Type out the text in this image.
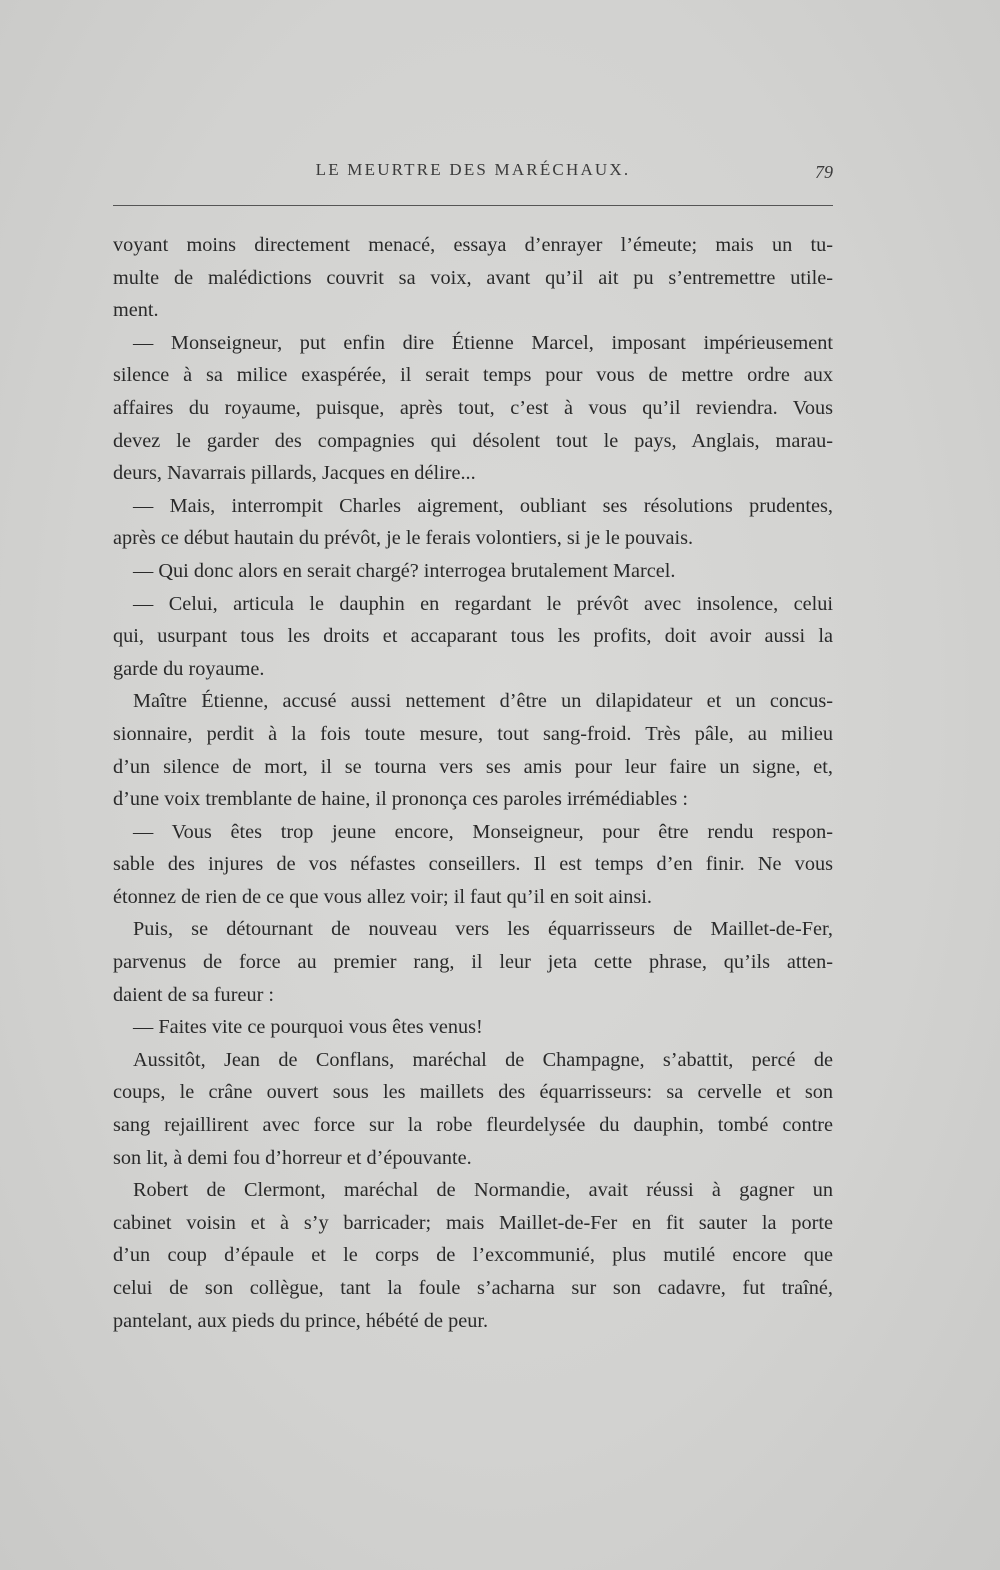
LE MEURTRE DES MARÉCHAUX.	79
voyant moins directement menacé, essaya d’enrayer l’émeute; mais un tu-
multe de malédictions couvrit sa voix, avant qu’il ait pu s’entremettre utile-
ment.
— Monseigneur, put enfin dire Étienne Marcel, imposant impérieusement
silence à sa milice exaspérée, il serait temps pour vous de mettre ordre aux
affaires du royaume, puisque, après tout, c’est à vous qu’il reviendra. Vous
devez le garder des compagnies qui désolent tout le pays, Anglais, marau-
deurs, Navarrais pillards, Jacques en délire...
— Mais, interrompit Charles aigrement, oubliant ses résolutions prudentes,
après ce début hautain du prévôt, je le ferais volontiers, si je le pouvais.
— Qui donc alors en serait chargé? interrogea brutalement Marcel.
— Celui, articula le dauphin en regardant le prévôt avec insolence, celui
qui, usurpant tous les droits et accaparant tous les profits, doit avoir aussi la
garde du royaume.
Maître Étienne, accusé aussi nettement d’être un dilapidateur et un concus-
sionnaire, perdit à la fois toute mesure, tout sang-froid. Très pâle, au milieu
d’un silence de mort, il se tourna vers ses amis pour leur faire un signe, et,
d’une voix tremblante de haine, il prononça ces paroles irrémédiables :
— Vous êtes trop jeune encore, Monseigneur, pour être rendu respon-
sable des injures de vos néfastes conseillers. Il est temps d’en finir. Ne vous
étonnez de rien de ce que vous allez voir; il faut qu’il en soit ainsi.
Puis, se détournant de nouveau vers les équarrisseurs de Maillet-de-Fer,
parvenus de force au premier rang, il leur jeta cette phrase, qu’ils atten-
daient de sa fureur :
— Faites vite ce pourquoi vous êtes venus!
Aussitôt, Jean de Conflans, maréchal de Champagne, s’abattit, percé de
coups, le crâne ouvert sous les maillets des équarrisseurs: sa cervelle et son
sang rejaillirent avec force sur la robe fleurdelysée du dauphin, tombé contre
son lit, à demi fou d’horreur et d’épouvante.
Robert de Clermont, maréchal de Normandie, avait réussi à gagner un
cabinet voisin et à s’y barricader; mais Maillet-de-Fer en fit sauter la porte
d’un coup d’épaule et le corps de l’excommunié, plus mutilé encore que
celui de son collègue, tant la foule s’acharna sur son cadavre, fut traîné,
pantelant, aux pieds du prince, hébété de peur.
